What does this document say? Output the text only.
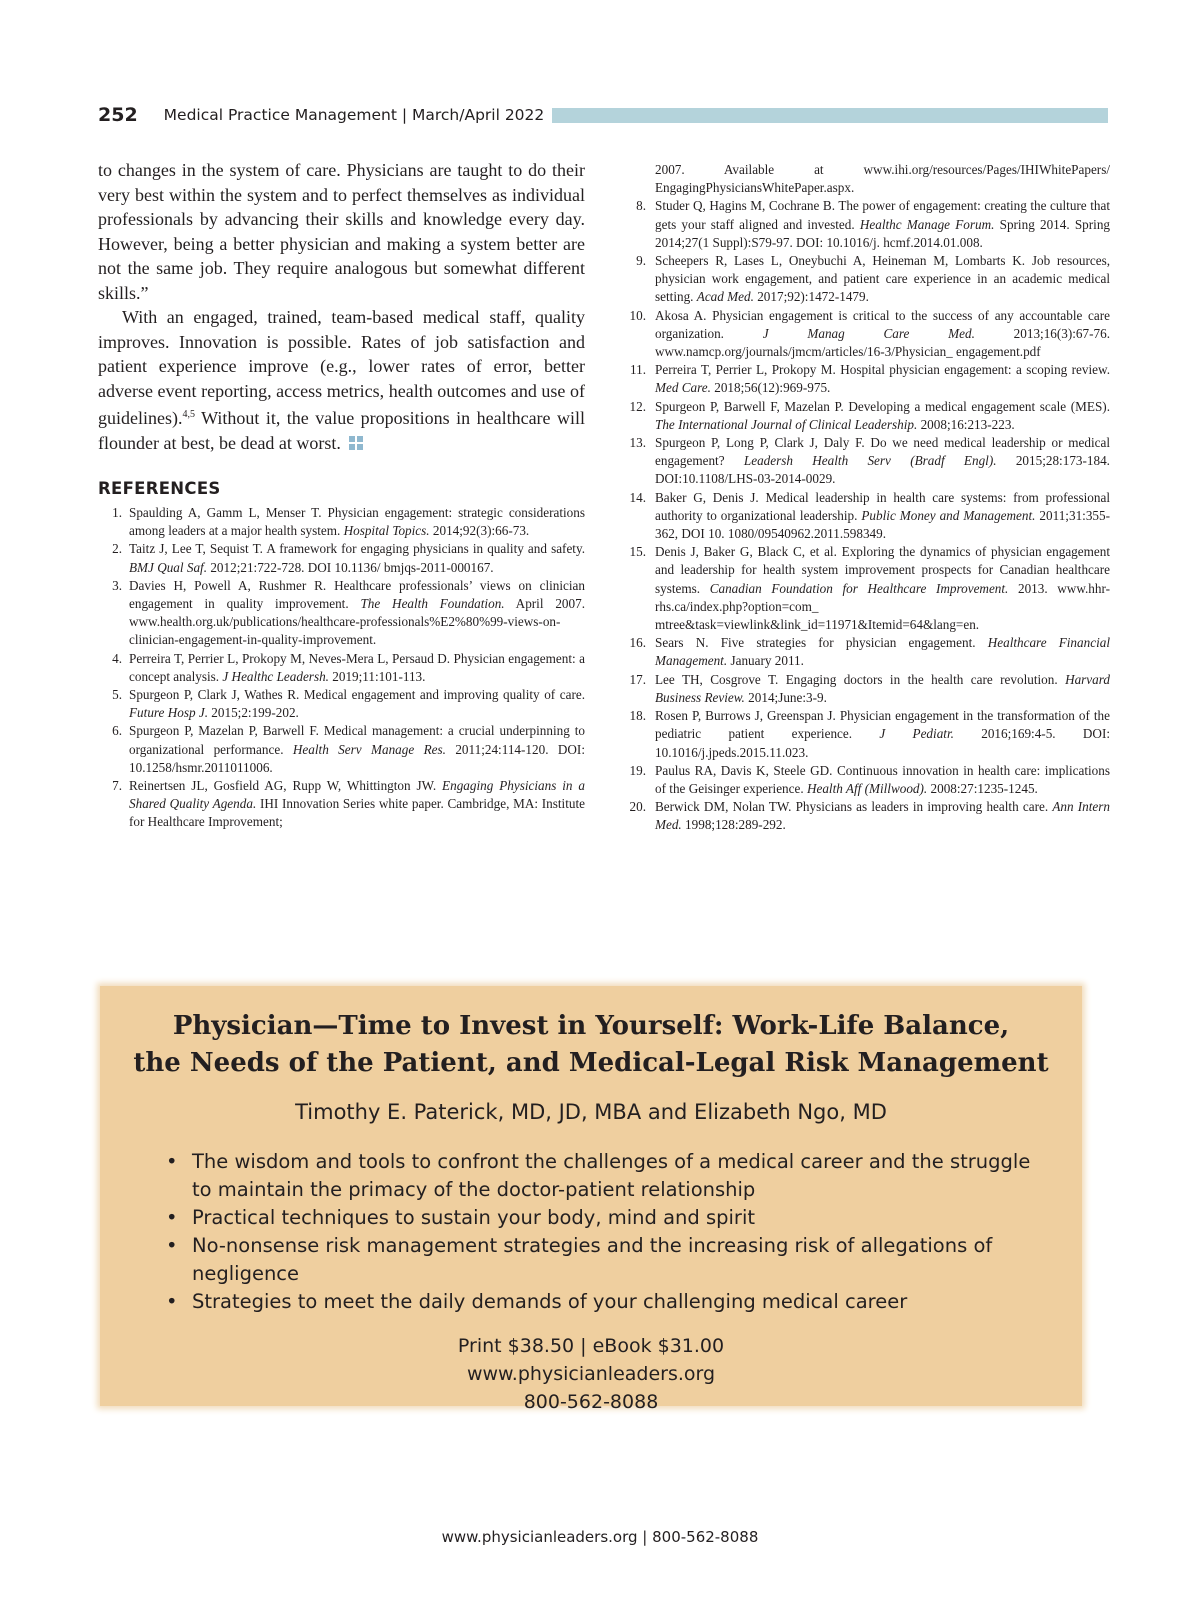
252 Medical Practice Management | March/April 2022

to changes in the system of care. Physicians are taught to do their very best within the system and to perfect themselves as individual professionals by advancing their skills and knowledge every day. However, being a better physician and making a system better are not the same job. They require analogous but somewhat different skills.”

With an engaged, trained, team-based medical staff, quality improves. Innovation is possible. Rates of job satisfaction and patient experience improve (e.g., lower rates of error, better adverse event reporting, access metrics, health outcomes and use of guidelines).$^{4,5}$ Without it, the value propositions in healthcare will flounder at best, be dead at worst.

REFERENCES
1. Spaulding A, Gamm L, Menser T. Physician engagement: strategic considerations among leaders at a major health system. Hospital Topics. 2014;92(3):66-73.
2. Taitz J, Lee T, Sequist T. A framework for engaging physicians in quality and safety. BMJ Qual Saf. 2012;21:722-728. DOI 10.1136/ bmjqs-2011-000167.
3. Davies H, Powell A, Rushmer R. Healthcare professionals’ views on clinician engagement in quality improvement. The Health Foundation. April 2007. www.health.org.uk/publications/healthcare-professionals%E2%80%99-views-on-clinician-engagement-in-quality-improvement.
4. Perreira T, Perrier L, Prokopy M, Neves-Mera L, Persaud D. Physician engagement: a concept analysis. J Healthc Leadersh. 2019;11:101-113.
5. Spurgeon P, Clark J, Wathes R. Medical engagement and improving quality of care. Future Hosp J. 2015;2:199-202.
6. Spurgeon P, Mazelan P, Barwell F. Medical management: a crucial underpinning to organizational performance. Health Serv Manage Res. 2011;24:114-120. DOI: 10.1258/hsmr.2011011006.
7. Reinertsen JL, Gosfield AG, Rupp W, Whittington JW. Engaging Physicians in a Shared Quality Agenda. IHI Innovation Series white paper. Cambridge, MA: Institute for Healthcare Improvement;
2007. Available at www.ihi.org/resources/Pages/IHIWhitePapers/ EngagingPhysiciansWhitePaper.aspx.
8. Studer Q, Hagins M, Cochrane B. The power of engagement: creating the culture that gets your staff aligned and invested. Healthc Manage Forum. Spring 2014. Spring 2014;27(1 Suppl):S79-97. DOI: 10.1016/j. hcmf.2014.01.008.
9. Scheepers R, Lases L, Oneybuchi A, Heineman M, Lombarts K. Job resources, physician work engagement, and patient care experience in an academic medical setting. Acad Med. 2017;92):1472-1479.
10. Akosa A. Physician engagement is critical to the success of any accountable care organization. J Manag Care Med. 2013;16(3):67-76. www.namcp.org/journals/jmcm/articles/16-3/Physician_ engagement.pdf
11. Perreira T, Perrier L, Prokopy M. Hospital physician engagement: a scoping review. Med Care. 2018;56(12):969-975.
12. Spurgeon P, Barwell F, Mazelan P. Developing a medical engagement scale (MES). The International Journal of Clinical Leadership. 2008;16:213-223.
13. Spurgeon P, Long P, Clark J, Daly F. Do we need medical leadership or medical engagement? Leadersh Health Serv (Bradf Engl). 2015;28:173-184. DOI:10.1108/LHS-03-2014-0029.
14. Baker G, Denis J. Medical leadership in health care systems: from professional authority to organizational leadership. Public Money and Management. 2011;31:355-362, DOI 10. 1080/09540962.2011.598349.
15. Denis J, Baker G, Black C, et al. Exploring the dynamics of physician engagement and leadership for health system improvement prospects for Canadian healthcare systems. Canadian Foundation for Healthcare Improvement. 2013. www.hhr-rhs.ca/index.php?option=com_ mtree&task=viewlink&link_id=11971&Itemid=64&lang=en.
16. Sears N. Five strategies for physician engagement. Healthcare Financial Management. January 2011.
17. Lee TH, Cosgrove T. Engaging doctors in the health care revolution. Harvard Business Review. 2014;June:3-9.
18. Rosen P, Burrows J, Greenspan J. Physician engagement in the transformation of the pediatric patient experience. J Pediatr. 2016;169:4-5. DOI: 10.1016/j.jpeds.2015.11.023.
19. Paulus RA, Davis K, Steele GD. Continuous innovation in health care: implications of the Geisinger experience. Health Aff (Millwood). 2008:27:1235-1245.
20. Berwick DM, Nolan TW. Physicians as leaders in improving health care. Ann Intern Med. 1998;128:289-292.
Physician—Time to Invest in Yourself: Work-Life Balance,
the Needs of the Patient, and Medical-Legal Risk Management
Timothy E. Paterick, MD, JD, MBA and Elizabeth Ngo, MD
• The wisdom and tools to confront the challenges of a medical career and the struggle to maintain the primacy of the doctor-patient relationship
• Practical techniques to sustain your body, mind and spirit
• No-nonsense risk management strategies and the increasing risk of allegations of negligence
• Strategies to meet the daily demands of your challenging medical career
Print $38.50 | eBook $31.00
www.physicianleaders.org
800-562-8088
www.physicianleaders.org | 800-562-8088
